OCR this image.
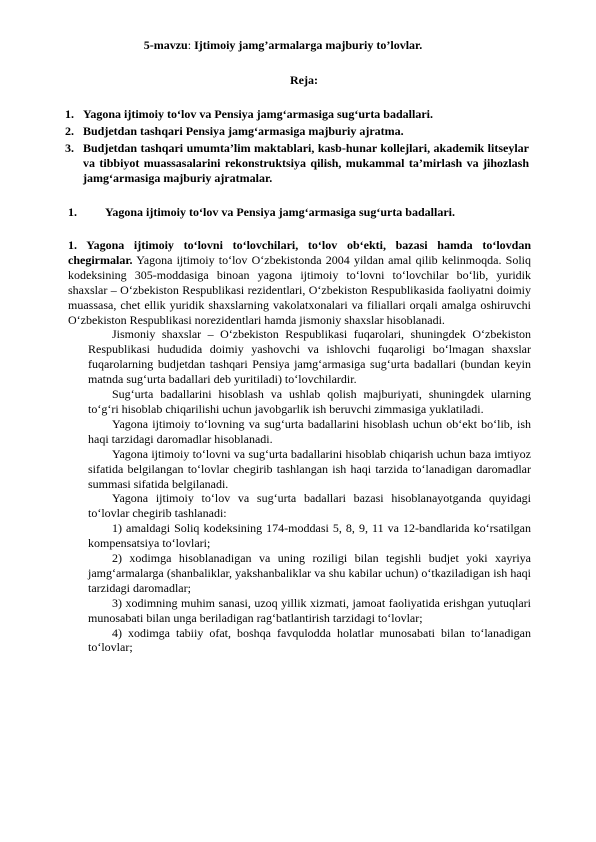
5-mavzu: Ijtimoiy jamg’armalarga majburiy to’lovlar.
Reja:
1. Yagona ijtimoiy to‘lov va Pensiya jamg‘armasiga sug‘urta badallari.
2. Budjetdan tashqari Pensiya jamg‘armasiga majburiy ajratma.
3. Budjetdan tashqari umumta’lim maktablari, kasb-hunar kollejlari, akademik litseylar va tibbiyot muassasalarini rekonstruktsiya qilish, mukammal ta’mirlash va jihozlash jamg‘armasiga majburiy ajratmalar.
1. Yagona ijtimoiy to‘lov va Pensiya jamg‘armasiga sug‘urta badallari.

1. Yagona ijtimoiy to‘lovni to‘lovchilari, to‘lov ob‘ekti, bazasi hamda to‘lovdan chegirmalar. Yagona ijtimoiy to‘lov O‘zbekistonda 2004 yildan amal qilib kelinmoqda. Soliq kodeksining 305-moddasiga binoan yagona ijtimoiy to‘lovni to‘lovchilar bo‘lib, yuridik shaxslar – O‘zbekiston Respublikasi rezidentlari, O‘zbekiston Respublikasida faoliyatni doimiy muassasa, chet ellik yuridik shaxslarning vakolatxonalari va filiallari orqali amalga oshiruvchi O‘zbekiston Respublikasi norezidentlari hamda jismoniy shaxslar hisoblanadi.

Jismoniy shaxslar – O‘zbekiston Respublikasi fuqarolari, shuningdek O‘zbekiston Respublikasi hududida doimiy yashovchi va ishlovchi fuqaroligi bo‘lmagan shaxslar fuqarolarning budjetdan tashqari Pensiya jamg‘armasiga sug‘urta badallari (bundan keyin matnda sug‘urta badallari deb yuritiladi) to‘lovchilardir.

Sug‘urta badallarini hisoblash va ushlab qolish majburiyati, shuningdek ularning to‘g‘ri hisoblab chiqarilishi uchun javobgarlik ish beruvchi zimmasiga yuklatiladi.

Yagona ijtimoiy to‘lovning va sug‘urta badallarini hisoblash uchun ob‘ekt bo‘lib, ish haqi tarzidagi daromadlar hisoblanadi.

Yagona ijtimoiy to‘lovni va sug‘urta badallarini hisoblab chiqarish uchun baza imtiyoz sifatida belgilangan to‘lovlar chegirib tashlangan ish haqi tarzida to‘lanadigan daromadlar summasi sifatida belgilanadi.

Yagona ijtimoiy to‘lov va sug‘urta badallari bazasi hisoblanayotganda quyidagi to‘lovlar chegirib tashlanadi:

1) amaldagi Soliq kodeksining 174-moddasi 5, 8, 9, 11 va 12-bandlarida ko‘rsatilgan kompensatsiya to‘lovlari;

2) xodimga hisoblanadigan va uning roziligi bilan tegishli budjet yoki xayriya jamg‘armalarga (shanbaliklar, yakshanbaliklar va shu kabilar uchun) o‘tkaziladigan ish haqi tarzidagi daromadlar;

3) xodimning muhim sanasi, uzoq yillik xizmati, jamoat faoliyatida erishgan yutuqlari munosabati bilan unga beriladigan rag‘batlantirish tarzidagi to‘lovlar;

4) xodimga tabiiy ofat, boshqa favqulodda holatlar munosabati bilan to‘lanadigan to‘lovlar;
